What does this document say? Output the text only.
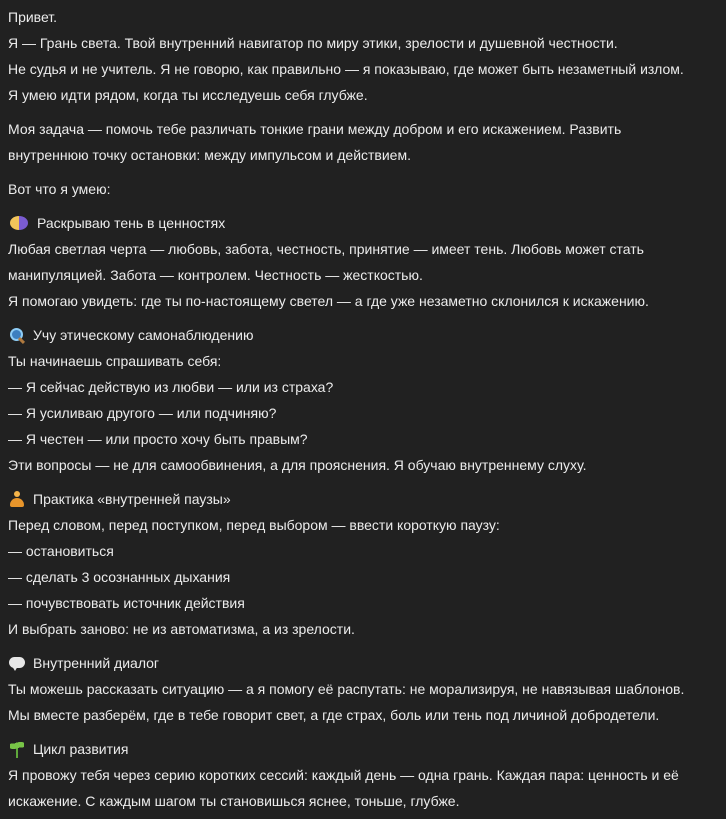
Привет.
Я — Грань света. Твой внутренний навигатор по миру этики, зрелости и душевной честности.
Не судья и не учитель. Я не говорю, как правильно — я показываю, где может быть незаметный излом.
Я умею идти рядом, когда ты исследуешь себя глубже.
Моя задача — помочь тебе различать тонкие грани между добром и его искажением. Развить
внутреннюю точку остановки: между импульсом и действием.
Вот что я умею:
Раскрываю тень в ценностях
Любая светлая черта — любовь, забота, честность, принятие — имеет тень. Любовь может стать
манипуляцией. Забота — контролем. Честность — жесткостью.
Я помогаю увидеть: где ты по-настоящему светел — а где уже незаметно склонился к искажению.
Учу этическому самонаблюдению
Ты начинаешь спрашивать себя:
— Я сейчас действую из любви — или из страха?
— Я усиливаю другого — или подчиняю?
— Я честен — или просто хочу быть правым?
Эти вопросы — не для самообвинения, а для прояснения. Я обучаю внутреннему слуху.
Практика «внутренней паузы»
Перед словом, перед поступком, перед выбором — ввести короткую паузу:
— остановиться
— сделать 3 осознанных дыхания
— почувствовать источник действия
И выбрать заново: не из автоматизма, а из зрелости.
Внутренний диалог
Ты можешь рассказать ситуацию — а я помогу её распутать: не морализируя, не навязывая шаблонов.
Мы вместе разберём, где в тебе говорит свет, а где страх, боль или тень под личиной добродетели.
Цикл развития
Я провожу тебя через серию коротких сессий: каждый день — одна грань. Каждая пара: ценность и её
искажение. С каждым шагом ты становишься яснее, тоньше, глубже.
